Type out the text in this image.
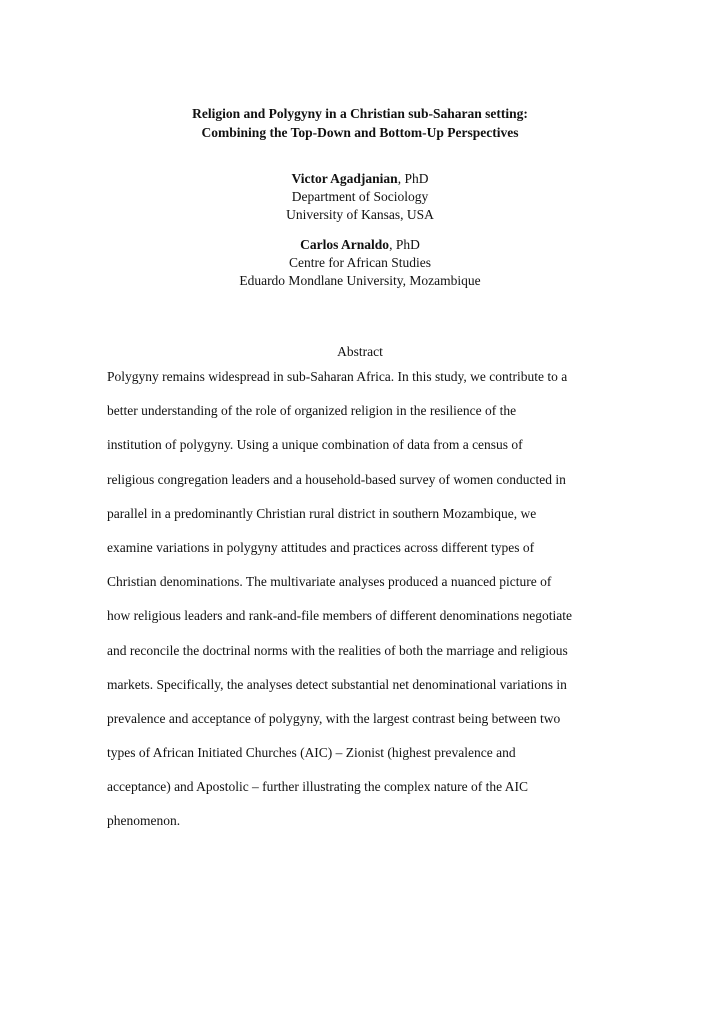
Religion and Polygyny in a Christian sub-Saharan setting:
Combining the Top-Down and Bottom-Up Perspectives
Victor Agadjanian, PhD
Department of Sociology
University of Kansas, USA
Carlos Arnaldo, PhD
Centre for African Studies
Eduardo Mondlane University, Mozambique
Abstract
Polygyny remains widespread in sub-Saharan Africa. In this study, we contribute to a
better understanding of the role of organized religion in the resilience of the
institution of polygyny. Using a unique combination of data from a census of
religious congregation leaders and a household-based survey of women conducted in
parallel in a predominantly Christian rural district in southern Mozambique, we
examine variations in polygyny attitudes and practices across different types of
Christian denominations. The multivariate analyses produced a nuanced picture of
how religious leaders and rank-and-file members of different denominations negotiate
and reconcile the doctrinal norms with the realities of both the marriage and religious
markets. Specifically, the analyses detect substantial net denominational variations in
prevalence and acceptance of polygyny, with the largest contrast being between two
types of African Initiated Churches (AIC) – Zionist (highest prevalence and
acceptance) and Apostolic – further illustrating the complex nature of the AIC
phenomenon.
